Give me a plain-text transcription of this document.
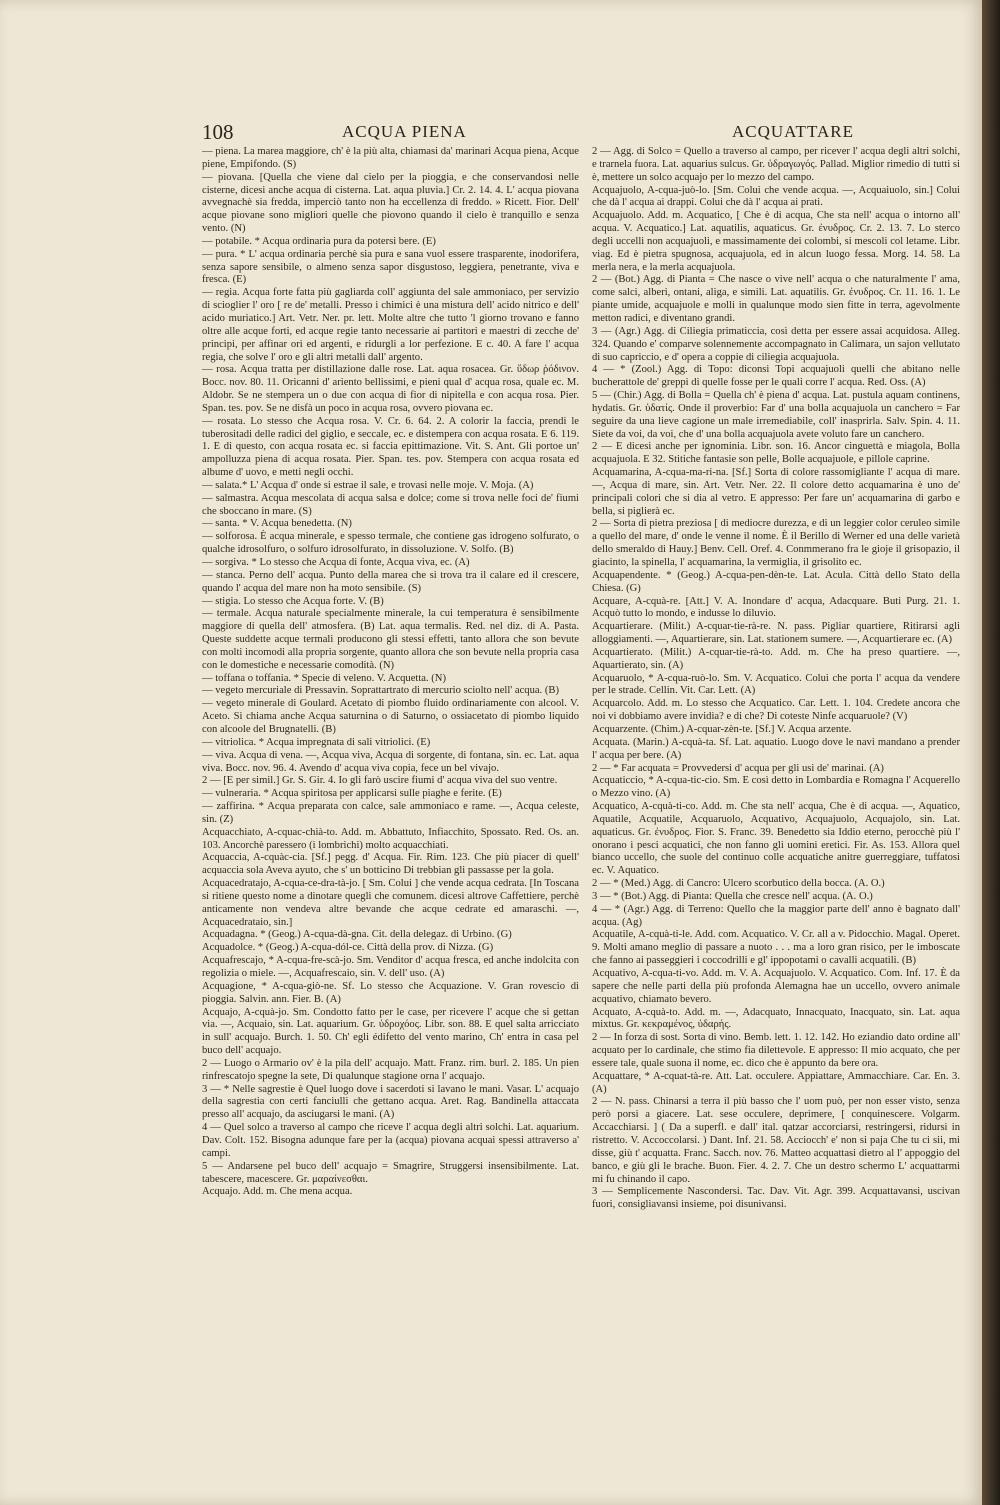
108	ACQUA PIENA	ACQUATTARE

— piena. La marea maggiore, ch' è la più alta, chiamasi da' marinari Acqua piena, Acque piene, Empifondo. (S)

— piovana. [Quella che viene dal cielo per la pioggia, e che conservandosi nelle cisterne, dicesi anche acqua di cisterna. Lat. aqua pluvia.] Cr. 2. 14. 4. L' acqua piovana avvegnachè sia fredda, imperciò tanto non ha eccellenza di freddo. » Ricett. Fior. Dell' acque piovane sono migliori quelle che piovono quando il cielo è tranquillo e senza vento. (N)

— potabile. * Acqua ordinaria pura da potersi bere. (E)

— pura. * L' acqua ordinaria perchè sia pura e sana vuol essere trasparente, inodorifera, senza sapore sensibile, o almeno senza sapor disgustoso, leggiera, penetrante, viva e fresca. (E)

— regia. Acqua forte fatta più gagliarda coll' aggiunta del sale ammoniaco, per servizio di scioglier l' oro [ re de' metalli. Presso i chimici è una mistura dell' acido nitrico e dell' acido muriatico.] Art. Vetr. Ner. pr. lett. Molte altre che tutto 'l giorno trovano e fanno oltre alle acque forti, ed acque regie tanto necessarie ai partitori e maestri di zecche de' principi, per affinar ori ed argenti, e ridurgli a lor perfezione. E c. 40. A fare l' acqua regia, che solve l' oro e gli altri metalli dall' argento.

— rosa. Acqua tratta per distillazione dalle rose. Lat. aqua rosacea. Gr. ὕδωρ ῥόδινον. Bocc. nov. 80. 11. Oricanni d' ariento bellissimi, e pieni qual d' acqua rosa, quale ec. M. Aldobr. Se ne stempera un o due con acqua di fior di nipitella e con acqua rosa. Pier. Span. tes. pov. Se ne disfà un poco in acqua rosa, ovvero piovana ec.

— rosata. Lo stesso che Acqua rosa. V. Cr. 6. 64. 2. A colorir la faccia, prendi le tuberositadi delle radici del giglio, e seccale, ec. e distempera con acqua rosata. E 6. 119. 1. E di questo, con acqua rosata ec. si faccia epittimazione. Vit. S. Ant. Gli portoe un' ampolluzza piena di acqua rosata. Pier. Span. tes. pov. Stempera con acqua rosata ed albume d' uovo, e metti negli occhi.

— salata.* L' Acqua d' onde si estrae il sale, e trovasi nelle moje. V. Moja. (A)

— salmastra. Acqua mescolata di acqua salsa e dolce; come si trova nelle foci de' fiumi che sboccano in mare. (S)

— santa. * V. Acqua benedetta. (N)

— solforosa. È acqua minerale, e spesso termale, che contiene gas idrogeno solfurato, o qualche idrosolfuro, o solfuro idrosolfurato, in dissoluzione. V. Solfo. (B)

— sorgiva. * Lo stesso che Acqua di fonte, Acqua viva, ec. (A)

— stanca. Perno dell' acqua. Punto della marea che si trova tra il calare ed il crescere, quando l' acqua del mare non ha moto sensibile. (S)

— stigia. Lo stesso che Acqua forte. V. (B)

— termale. Acqua naturale specialmente minerale, la cui temperatura è sensibilmente maggiore di quella dell' atmosfera. (B) Lat. aqua termalis. Red. nel diz. di A. Pasta. Queste suddette acque termali producono gli stessi effetti, tanto allora che son bevute con molti incomodi alla propria sorgente, quanto allora che son bevute nella propria casa con le domestiche e necessarie comodità. (N)

— toffana o toffania. * Specie di veleno. V. Acquetta. (N)

— vegeto mercuriale di Pressavin. Soprattartrato di mercurio sciolto nell' acqua. (B)

— vegeto minerale di Goulard. Acetato di piombo fluido ordinariamente con alcool. V. Aceto. Si chiama anche Acqua saturnina o di Saturno, o ossiacetato di piombo liquido con alcoole del Brugnatelli. (B)

— vitriolica. * Acqua impregnata di sali vitriolici. (E)

— viva. Acqua di vena. —, Acqua viva, Acqua di sorgente, di fontana, sin. ec. Lat. aqua viva. Bocc. nov. 96. 4. Avendo d' acqua viva copia, fece un bel vivajo.

2 — [E per simil.] Gr. S. Gir. 4. Io gli farò uscire fiumi d' acqua viva del suo ventre.

— vulneraria. * Acqua spiritosa per applicarsi sulle piaghe e ferite. (E)

— zaffirina. * Acqua preparata con calce, sale ammoniaco e rame. —, Acqua celeste, sin. (Z)

Acquacchiato, A-cquac-chià-to. Add. m. Abbattuto, Infiacchito, Spossato. Red. Os. an. 103. Ancorchè paressero (i lombrichi) molto acquacchiati.

Acquaccia, A-cquàc-cia. [Sf.] pegg. d' Acqua. Fir. Rim. 123. Che più piacer di quell' acquaccia sola Aveva ayuto, che s' un botticino Di trebbian gli passasse per la gola.

Acquacedratajo, A-cqua-ce-dra-tà-jo. [ Sm. Colui ] che vende acqua cedrata. [In Toscana si ritiene questo nome a dinotare quegli che comunem. dicesi altrove Caffettiere, perchè anticamente non vendeva altre bevande che acque cedrate ed amaraschi. —, Acquacedrataio, sin.]

Acquadagna. * (Geog.) A-cqua-dà-gna. Cit. della delegaz. di Urbino. (G)

Acquadolce. * (Geog.) A-cqua-dól-ce. Città della prov. di Nizza. (G)

Acquafrescajo, * A-cqua-fre-scà-jo. Sm. Venditor d' acqua fresca, ed anche indolcita con regolizia o miele. —, Acquafrescaio, sin. V. dell' uso. (A)

Acquagione, * A-cqua-giò-ne. Sf. Lo stesso che Acquazione. V. Gran rovescio di pioggia. Salvin. ann. Fier. B. (A)

Acquajo, A-cquà-jo. Sm. Condotto fatto per le case, per ricevere l' acque che si gettan via. —, Acquaio, sin. Lat. aquarium. Gr. ὑδροχόος. Libr. son. 88. E quel salta arricciato in sull' acquajo. Burch. 1. 50. Ch' egli édifetto del vento marino, Ch' entra in casa pel buco dell' acquajo.

2 — Luogo o Armario ov' è la pila dell' acquajo. Matt. Franz. rim. burl. 2. 185. Un pien rinfrescatojo spegne la sete, Di qualunque stagione orna l' acquajo.

3 — * Nelle sagrestie è Quel luogo dove i sacerdoti si lavano le mani. Vasar. L' acquajo della sagrestia con certi fanciulli che gettano acqua. Aret. Rag. Bandinella attaccata presso all' acquajo, da asciugarsi le mani. (A)

4 — Quel solco a traverso al campo che riceve l' acqua degli altri solchi. Lat. aquarium. Dav. Colt. 152. Bisogna adunque fare per la (acqua) piovana acquai spessi attraverso a' campi.

5 — Andarsene pel buco dell' acquajo = Smagrire, Struggersi insensibilmente. Lat. tabescere, macescere. Gr. μαραίνεσθαι.

Acquajo. Add. m. Che mena acqua.

2 — Agg. di Solco = Quello a traverso al campo, per ricever l' acqua degli altri solchi, e trarnela fuora. Lat. aquarius sulcus. Gr. ὑδραγωγός. Pallad. Miglior rimedio di tutti si è, mettere un solco acquajo per lo mezzo del campo.

Acquajuolo, A-cqua-juò-lo. [Sm. Colui che vende acqua. —, Acquaiuolo, sin.] Colui che dà l' acqua ai drappi. Colui che dà l' acqua ai prati.

Acquajuolo. Add. m. Acquatico, [ Che è di acqua, Che sta nell' acqua o intorno all' acqua. V. Acquatico.] Lat. aquatilis, aquaticus. Gr. ἐνυδρος. Cr. 2. 13. 7. Lo sterco degli uccelli non acquajuoli, e massimamente dei colombi, si mescoli col letame. Libr. viag. Ed è pietra spugnosa, acquajuola, ed in alcun luogo fessa. Morg. 14. 58. La merla nera, e la merla acquajuola.

2 — (Bot.) Agg. di Pianta = Che nasce o vive nell' acqua o che naturalmente l' ama, come salci, alberi, ontani, aliga, e simili. Lat. aquatilis. Gr. ἐνυδρος. Cr. 11. 16. 1. Le piante umide, acquajuole e molli in qualunque modo sien fitte in terra, agevolmente metton radici, e diventano grandi.

3 — (Agr.) Agg. di Ciliegia primaticcia, così detta per essere assai acquidosa. Alleg. 324. Quando e' comparve solennemente accompagnato in Calimara, un sajon vellutato di suo capriccio, e d' opera a coppie di ciliegia acquajuola.

4 — * (Zool.) Agg. di Topo: diconsi Topi acquajuoli quelli che abitano nelle bucherattole de' greppi di quelle fosse per le quali corre l' acqua. Red. Oss. (A)

5 — (Chir.) Agg. di Bolla = Quella ch' è piena d' acqua. Lat. pustula aquam continens, hydatis. Gr. ὑδατίς. Onde il proverbio: Far d' una bolla acquajuola un canchero = Far seguire da una lieve cagione un male irremediabile, coll' inasprirla. Salv. Spin. 4. 11. Siete da voi, da voi, che d' una bolla acquajuola avete voluto fare un canchero.

2 — E dicesi anche per ignominia. Libr. son. 16. Ancor cinguettà e miagola, Bolla acquajuola. E 32. Stitiche fantasie son pelle, Bolle acquajuole, e pillole caprine.

Acquamarina, A-cqua-ma-ri-na. [Sf.] Sorta di colore rassomigliante l' acqua di mare. —, Acqua di mare, sin. Art. Vetr. Ner. 22. Il colore detto acquamarina è uno de' principali colori che si dia al vetro. E appresso: Per fare un' acquamarina di garbo e bella, si piglierà ec.

2 — Sorta di pietra preziosa [ di mediocre durezza, e di un leggier color ceruleo simile a quello del mare, d' onde le venne il nome. È il Berillo di Werner ed una delle varietà dello smeraldo di Hauy.] Benv. Cell. Oref. 4. Conmmerano fra le gioje il grisopazio, il giacinto, la spinella, l' acquamarina, la vermiglia, il grisolito ec.

Acquapendente. * (Geog.) A-cqua-pen-dèn-te. Lat. Acula. Città dello Stato della Chiesa. (G)

Acquare, A-cquà-re. [Att.] V. A. Inondare d' acqua, Adacquare. Buti Purg. 21. 1. Acquò tutto lo mondo, e indusse lo diluvio.

Acquartierare. (Milit.) A-cquar-tie-rà-re. N. pass. Pigliar quartiere, Ritirarsi agli alloggiamenti. —, Aquartierare, sin. Lat. stationem sumere. —, Acquartierare ec. (A)

Acquartierato. (Milit.) A-cquar-tie-rà-to. Add. m. Che ha preso quartiere. —, Aquartierato, sin. (A)

Acquaruolo, * A-cqua-ruò-lo. Sm. V. Acquatico. Colui che porta l' acqua da vendere per le strade. Cellin. Vit. Car. Lett. (A)

Acquarcolo. Add. m. Lo stesso che Acquatico. Car. Lett. 1. 104. Credete ancora che noi vi dobbiamo avere invidia? e di che? Di coteste Ninfe acquaruole? (V)

Acquarzente. (Chim.) A-cquar-zèn-te. [Sf.] V. Acqua arzente.

Acquata. (Marin.) A-cquà-ta. Sf. Lat. aquatio. Luogo dove le navi mandano a prender l' acqua per bere. (A)

2 — * Far acquata = Provvedersi d' acqua per gli usi de' marinai. (A)

Acquaticcio, * A-cqua-tic-cio. Sm. E così detto in Lombardia e Romagna l' Acquerello o Mezzo vino. (A)

Acquatico, A-cquà-ti-co. Add. m. Che sta nell' acqua, Che è di acqua. —, Aquatico, Aquatile, Acquatile, Acquaruolo, Acquativo, Acquajuolo, Acquajolo, sin. Lat. aquaticus. Gr. ἐνυδρος. Fior. S. Franc. 39. Benedetto sia Iddio eterno, perocchè più l' onorano i pesci acquatici, che non fanno gli uomini eretici. Fir. As. 153. Allora quel bianco uccello, che suole del continuo colle acquatiche anitre guerreggiare, tuffatosi ec. V. Aquatico.

2 — * (Med.) Agg. di Cancro: Ulcero scorbutico della bocca. (A. O.)

3 — * (Bot.) Agg. di Pianta: Quella che cresce nell' acqua. (A. O.)

4 — * (Agr.) Agg. di Terreno: Quello che la maggior parte dell' anno è bagnato dall' acqua. (Ag)

Acquatile, A-cquà-ti-le. Add. com. Acquatico. V. Cr. all a v. Pidocchio. Magal. Operet. 9. Molti amano meglio di passare a nuoto . . . ma a loro gran risico, per le imboscate che fanno ai passeggieri i coccodrilli e gl' ippopotami o cavalli acquatili. (B)

Acquativo, A-cqua-ti-vo. Add. m. V. A. Acquajuolo. V. Acquatico. Com. Inf. 17. È da sapere che nelle parti della più profonda Alemagna hae un uccello, ovvero animale acquativo, chiamato bevero.

Acquato, A-cquà-to. Add. m. —, Adacquato, Innacquato, Inacquato, sin. Lat. aqua mixtus. Gr. κεκραμένος, ὑδαρής.

2 — In forza di sost. Sorta di vino. Bemb. lett. 1. 12. 142. Ho eziandio dato ordine all' acquato per lo cardinale, che stimo fia dilettevole. E appresso: Il mio acquato, che per essere tale, quale suona il nome, ec. dico che è appunto da bere ora.

Acquattare, * A-cquat-tà-re. Att. Lat. occulere. Appiattare, Ammacchiare. Car. En. 3. (A)

2 — N. pass. Chinarsi a terra il più basso che l' uom può, per non esser visto, senza però porsi a giacere. Lat. sese occulere, deprimere, [ conquinescere. Volgarm. Accacchiarsi. ] ( Da a superfl. e dall' ital. qatzar accorciarsi, restringersi, ridursi in ristretto. V. Accoccolarsi. ) Dant. Inf. 21. 58. Acciocch' e' non si paja Che tu ci sii, mi disse, giù t' acquatta. Franc. Sacch. nov. 76. Matteo acquattasi dietro al l' appoggio del banco, e giù gli le brache. Buon. Fier. 4. 2. 7. Che un destro schermo L' acquattarmi mi fu chinando il capo.

3 — Semplicemente Nascondersi. Tac. Dav. Vit. Agr. 399. Acquattavansi, uscivan fuori, consigliavansi insieme, poi disunivansi.
